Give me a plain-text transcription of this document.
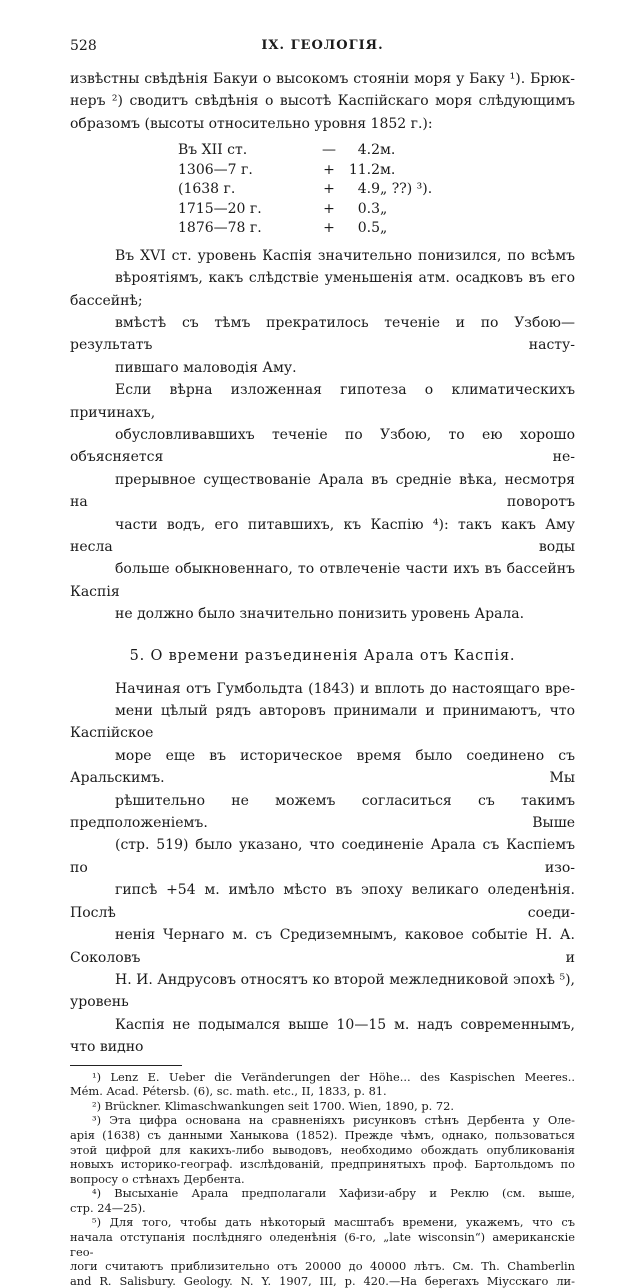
528	IX. ГЕОЛОГІЯ.

извѣстны свѣдѣнія Бакуи о высокомъ стояніи моря у Баку ¹). Брюк-
неръ ²) сводитъ свѣдѣнія о высотѣ Каспійскаго моря слѣдующимъ
образомъ (высоты относительно уровня 1852 г.):

Въ XII ст.	—	4.2	м.
1306—7 г.	+	11.2	м.
(1638 г.	+	4.9	„ ??) ³).
1715—20 г.	+	0.3	„
1876—78 г.	+	0.5	„

Въ XVI ст. уровень Каспія значительно понизился, по всѣмъ
вѣроятіямъ, какъ слѣдствіе уменьшенія атм. осадковъ въ его бассейнѣ;
вмѣстѣ съ тѣмъ прекратилось теченіе и по Узбою—результатъ насту-
пившаго маловодія Аму.

Если вѣрна изложенная гипотеза о климатическихъ причинахъ,
обусловливавшихъ теченіе по Узбою, то ею хорошо объясняется не-
прерывное существованіе Арала въ средніе вѣка, несмотря на поворотъ
части водъ, его питавшихъ, къ Каспію ⁴): такъ какъ Аму несла воды
больше обыкновеннаго, то отвлеченіе части ихъ въ бассейнъ Каспія
не должно было значительно понизить уровень Арала.

5. О времени разъединенія Арала отъ Каспія.

Начиная отъ Гумбольдта (1843) и вплоть до настоящаго вре-
мени цѣлый рядъ авторовъ принимали и принимаютъ, что Каспійское
море еще въ историческое время было соединено съ Аральскимъ. Мы
рѣшительно не можемъ согласиться съ такимъ предположеніемъ. Выше
(стр. 519) было указано, что соединеніе Арала съ Каспіемъ по изо-
гипсѣ +54 м. имѣло мѣсто въ эпоху великаго оледенѣнія. Послѣ соеди-
ненія Чернаго м. съ Средиземнымъ, каковое событіе Н. А. Соколовъ и
Н. И. Андрусовъ относятъ ко второй межледниковой эпохѣ ⁵), уровень
Каспія не подымался выше 10—15 м. надъ современнымъ, что видно

¹) Lenz E. Ueber die Veränderungen der Höhe... des Kaspischen Meeres..
Mém. Acad. Pétersb. (6), sc. math. etc., II, 1833, p. 81.
²) Brückner. Klimaschwankungen seit 1700. Wien, 1890, p. 72.
³) Эта цифра основана на сравненіяхъ рисунковъ стѣнъ Дербента у Оле-
арія (1638) съ данными Ханыкова (1852). Прежде чѣмъ, однако, пользоваться
этой цифрой для какихъ-либо выводовъ, необходимо обождать опубликованія
новыхъ историко-географ. изслѣдованій, предпринятыхъ проф. Бартольдомъ по
вопросу о стѣнахъ Дербента.
⁴) Высыханіе Арала предполагали Хафизи-абру и Реклю (см. выше,
стр. 24—25).
⁵) Для того, чтобы дать нѣкоторый масштабъ времени, укажемъ, что съ
начала отступанія послѣдняго оледенѣнія (6-го, „late wisconsin“) американскіе гео-
логи считаютъ приблизительно отъ 20000 до 40000 лѣтъ. См. Th. Chamberlin
and R. Salisbury. Geology. N. Y. 1907, III, p. 420.—На берегахъ Міусскаго ли-
